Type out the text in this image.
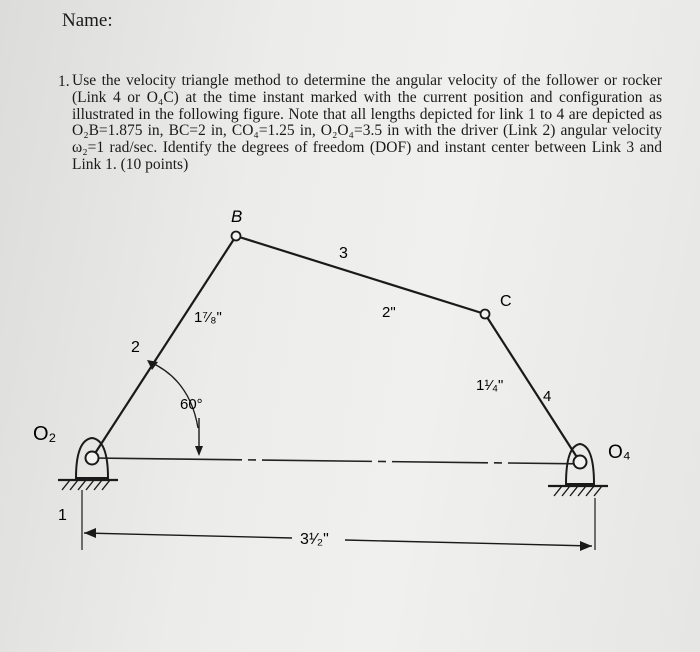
Name:
1. Use the velocity triangle method to determine the angular velocity of the follower or rocker (Link 4 or O₄C) at the time instant marked with the current position and configuration as illustrated in the following figure. Note that all lengths depicted for link 1 to 4 are depicted as O₂B=1.875 in, BC=2 in, CO₄=1.25 in, O₂O₄=3.5 in with the driver (Link 2) angular velocity ω₂=1 rad/sec. Identify the degrees of freedom (DOF) and instant center between Link 3 and Link 1. (10 points)
B
C
O₂
O₄
1
2
3
4
1⁷⁄₈"	2"
1¹⁄₄"
3¹⁄₂"
60°
